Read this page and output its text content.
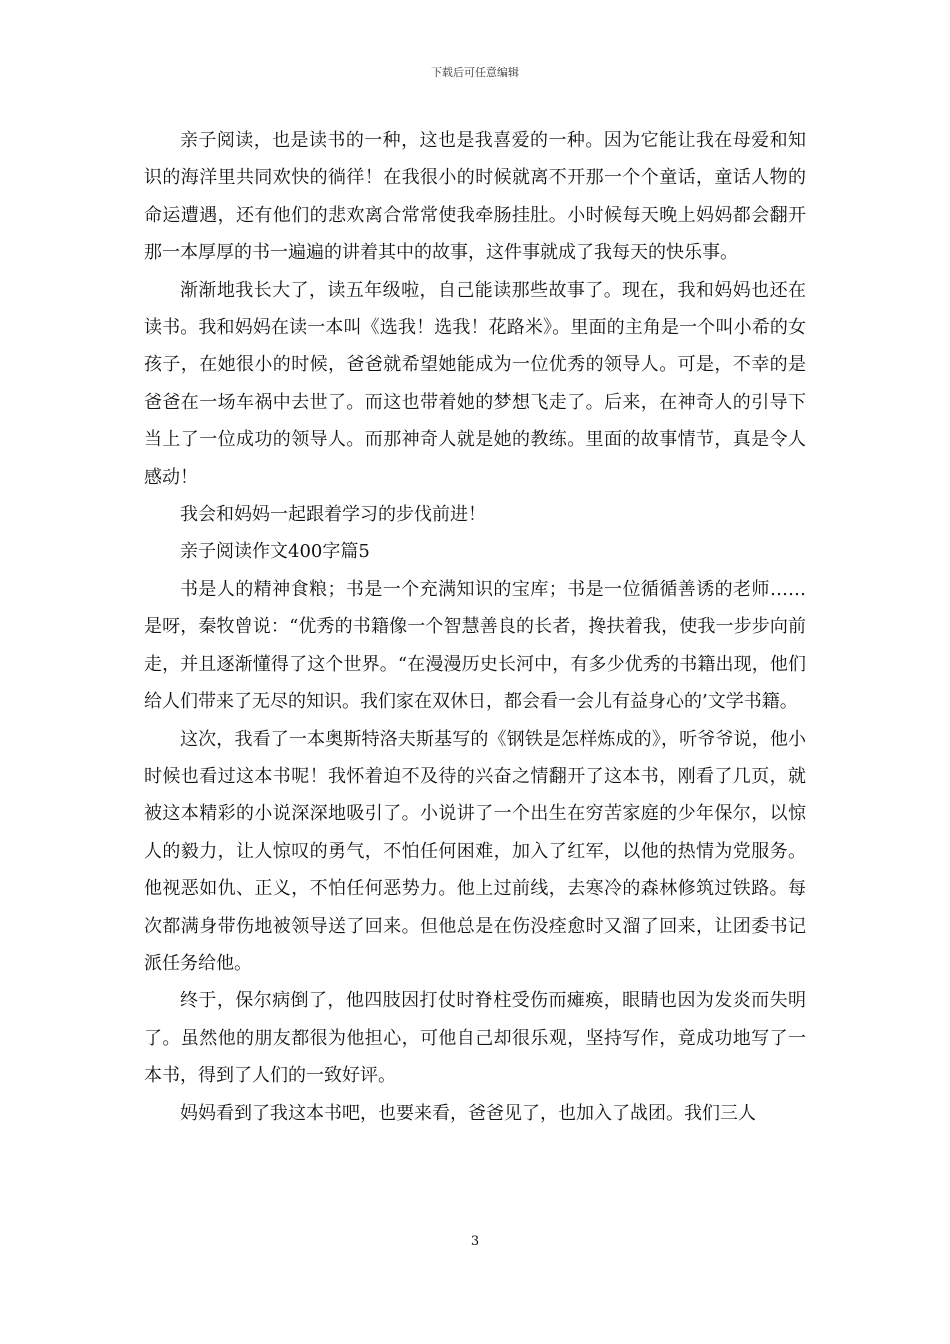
下载后可任意编辑

亲子阅读，也是读书的一种，这也是我喜爱的一种。因为它能让我在母爱和知识的海洋里共同欢快的徜徉！在我很小的时候就离不开那一个个童话，童话人物的命运遭遇，还有他们的悲欢离合常常使我牵肠挂肚。小时候每天晚上妈妈都会翻开那一本厚厚的书一遍遍的讲着其中的故事，这件事就成了我每天的快乐事。

渐渐地我长大了，读五年级啦，自己能读那些故事了。现在，我和妈妈也还在读书。我和妈妈在读一本叫《选我！选我！花路米》。里面的主角是一个叫小希的女孩子，在她很小的时候，爸爸就希望她能成为一位优秀的领导人。可是，不幸的是爸爸在一场车祸中去世了。而这也带着她的梦想飞走了。后来，在神奇人的引导下当上了一位成功的领导人。而那神奇人就是她的教练。里面的故事情节，真是令人感动！

我会和妈妈一起跟着学习的步伐前进！

亲子阅读作文400字篇5

书是人的精神食粮；书是一个充满知识的宝库；书是一位循循善诱的老师……是呀，秦牧曾说：“优秀的书籍像一个智慧善良的长者，搀扶着我，使我一步步向前走，并且逐渐懂得了这个世界。“在漫漫历史长河中，有多少优秀的书籍出现，他们给人们带来了无尽的知识。我们家在双休日，都会看一会儿有益身心的’文学书籍。

这次，我看了一本奥斯特洛夫斯基写的《钢铁是怎样炼成的》，听爷爷说，他小时候也看过这本书呢！我怀着迫不及待的兴奋之情翻开了这本书，刚看了几页，就被这本精彩的小说深深地吸引了。小说讲了一个出生在穷苦家庭的少年保尔，以惊人的毅力，让人惊叹的勇气，不怕任何困难，加入了红军，以他的热情为党服务。他视恶如仇、正义，不怕任何恶势力。他上过前线，去寒冷的森林修筑过铁路。每次都满身带伤地被领导送了回来。但他总是在伤没痊愈时又溜了回来，让团委书记派任务给他。

终于，保尔病倒了，他四肢因打仗时脊柱受伤而瘫痪，眼睛也因为发炎而失明了。虽然他的朋友都很为他担心，可他自己却很乐观，坚持写作，竟成功地写了一本书，得到了人们的一致好评。

妈妈看到了我这本书吧，也要来看，爸爸见了，也加入了战团。我们三人

3
